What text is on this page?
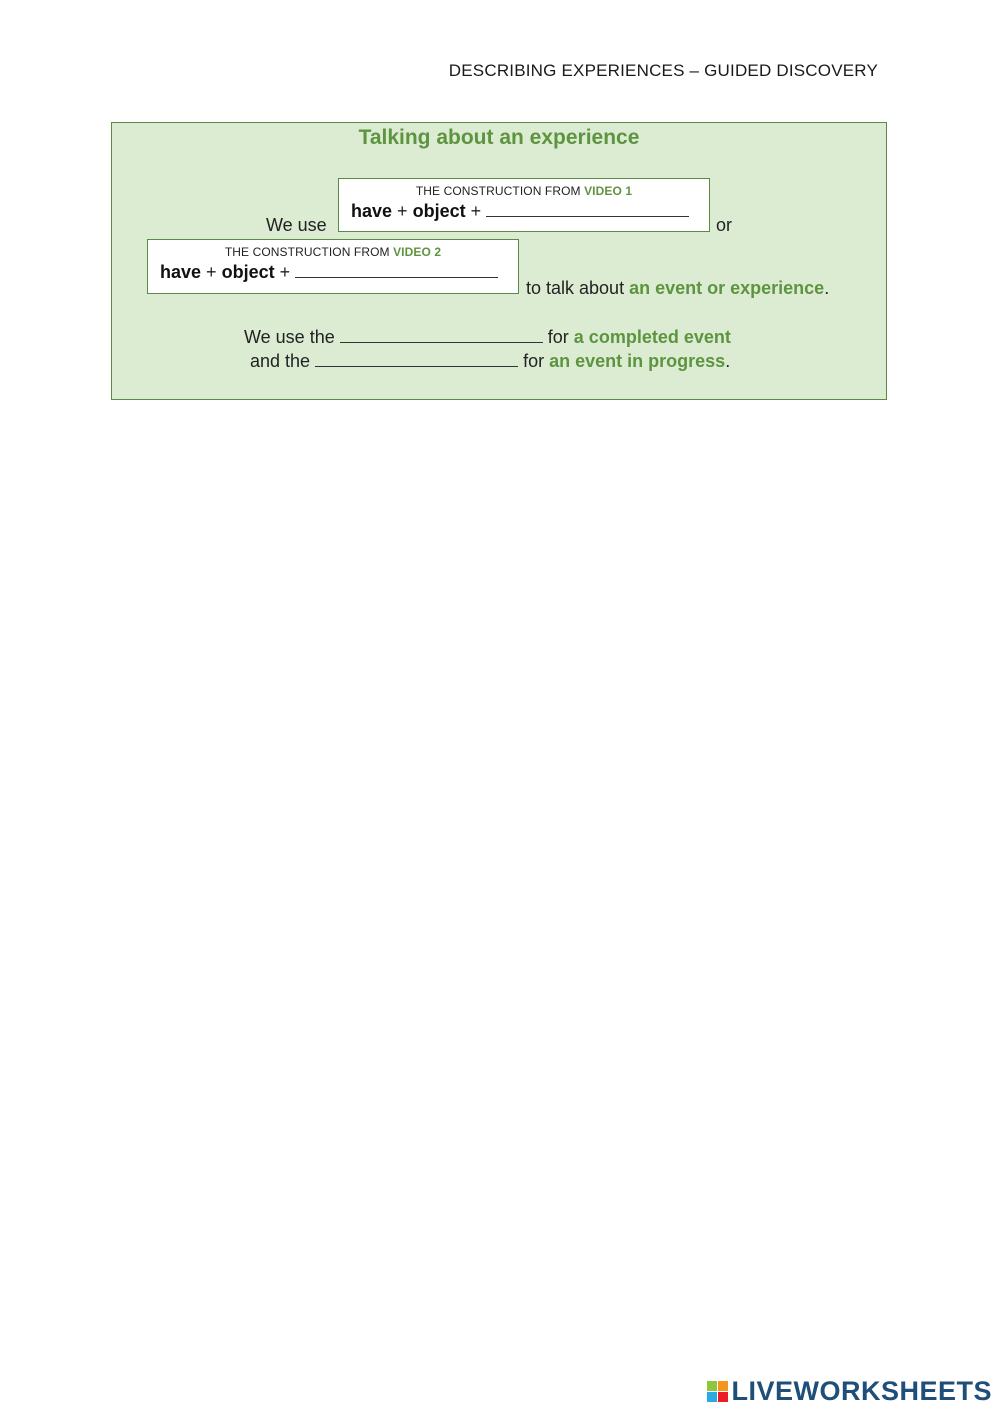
DESCRIBING EXPERIENCES – GUIDED DISCOVERY
Talking about an experience
We use
THE CONSTRUCTION FROM VIDEO 1
have + object +
or
THE CONSTRUCTION FROM VIDEO 2
have + object +
to talk about an event or experience.
We use the	for a completed event
and the	for an event in progress.
LIVEWORKSHEETS
